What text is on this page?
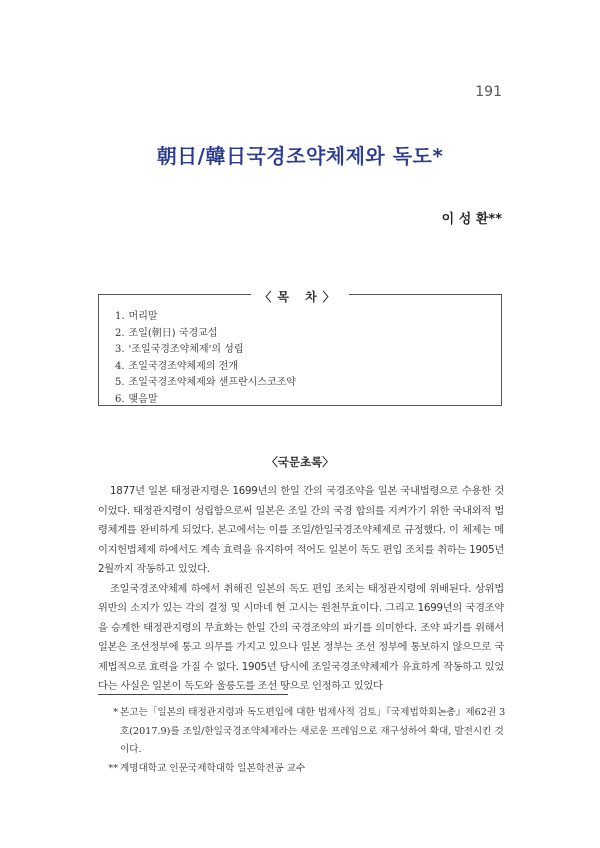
191
朝日/韓日국경조약체제와 독도*
이 성 환**
〈목 차〉
1. 머리말
2. 조일(朝日) 국경교섭
3. '조일국경조약체제'의 성립
4. 조일국경조약체제의 전개
5. 조일국경조약체제와 샌프란시스코조약
6. 맺음말
〈국문초록〉

1877년 일본 태정관지령은 1699년의 한일 간의 국경조약을 일본 국내법령으로 수용한 것이었다. 태정관지령이 성립함으로써 일본은 조일 간의 국경 합의를 지켜가기 위한 국내외적 법령체계를 완비하게 되었다. 본고에서는 이를 조일/한일국경조약체제로 규정했다. 이 체제는 메이지헌법체제 하에서도 계속 효력을 유지하여 적어도 일본이 독도 편입 조치를 취하는 1905년 2월까지 작동하고 있었다.

조일국경조약체제 하에서 취해진 일본의 독도 편입 조치는 태정관지령에 위배된다. 상위법 위반의 소지가 있는 각의 결정 및 시마네 현 고시는 원천무효이다. 그리고 1699년의 국경조약을 승계한 태정관지령의 무효화는 한일 간의 국경조약의 파기를 의미한다. 조약 파기를 위해서 일본은 조선정부에 통고 의무를 가지고 있으나 일본 정부는 조선 정부에 통보하지 않으므로 국제법적으로 효력을 가질 수 없다. 1905년 당시에 조일국경조약체제가 유효하게 작동하고 있었다는 사실은 일본이 독도와 울릉도를 조선 땅으로 인정하고 있었다

* 본고는「일본의 태정관지령과 독도편입에 대한 법제사적 검토」『국제법학회논총』제62권 3호(2017.9)를 조일/한일국경조약체제라는 새로운 프레임으로 재구성하여 확대, 발전시킨 것이다.
** 계명대학교 인문국제학대학 일본학전공 교수
